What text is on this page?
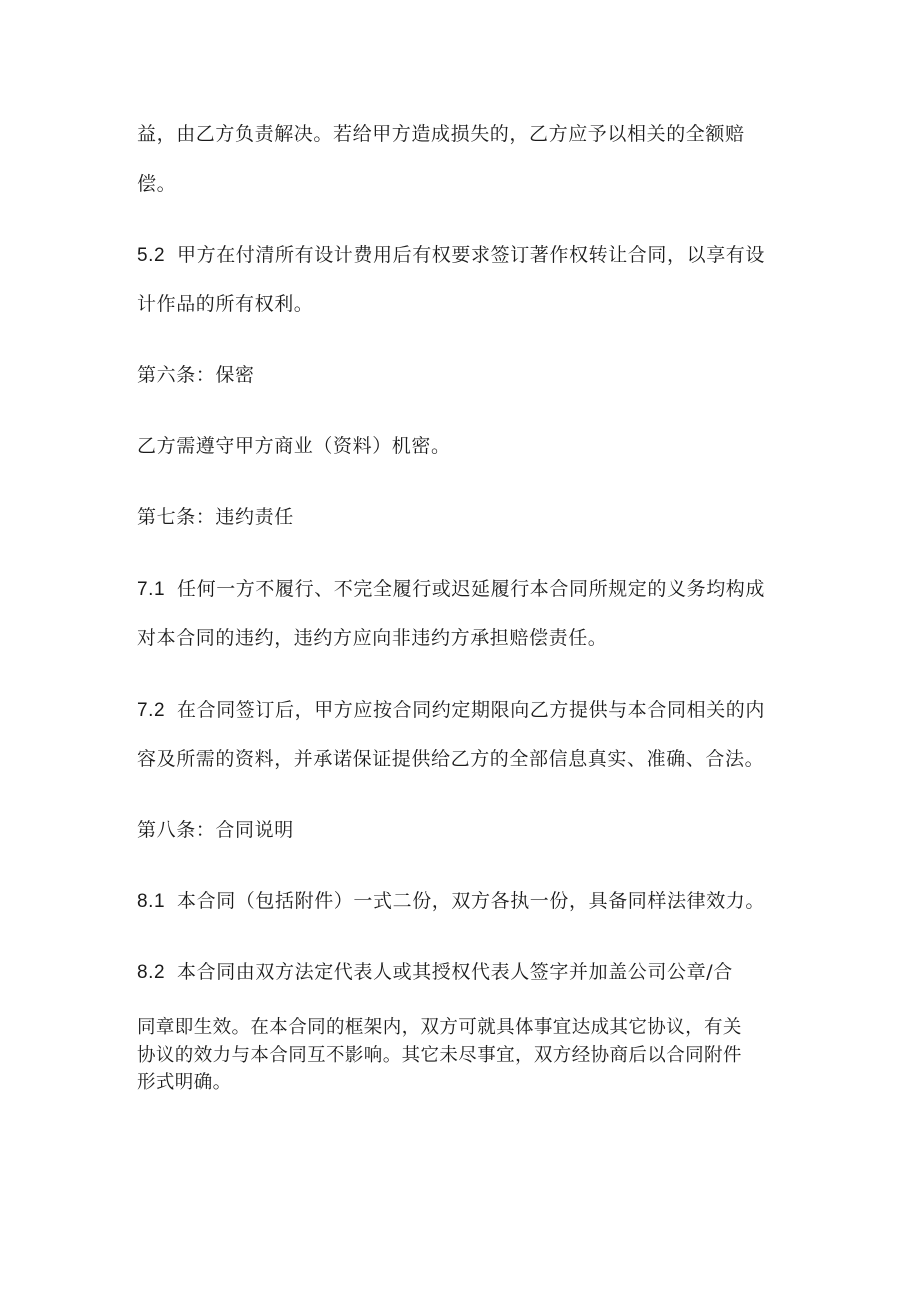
益，由乙方负责解决。若给甲方造成损失的，乙方应予以相关的全额赔
偿。
5.2 甲方在付清所有设计费用后有权要求签订著作权转让合同，以享有设
计作品的所有权利。
第六条：保密
乙方需遵守甲方商业（资料）机密。
第七条：违约责任
7.1 任何一方不履行、不完全履行或迟延履行本合同所规定的义务均构成
对本合同的违约，违约方应向非违约方承担赔偿责任。
7.2 在合同签订后，甲方应按合同约定期限向乙方提供与本合同相关的内
容及所需的资料，并承诺保证提供给乙方的全部信息真实、准确、合法。
第八条：合同说明
8.1 本合同（包括附件）一式二份，双方各执一份，具备同样法律效力。
8.2 本合同由双方法定代表人或其授权代表人签字并加盖公司公章/合
同章即生效。在本合同的框架内，双方可就具体事宜达成其它协议，有关
协议的效力与本合同互不影响。其它未尽事宜，双方经协商后以合同附件
形式明确。
